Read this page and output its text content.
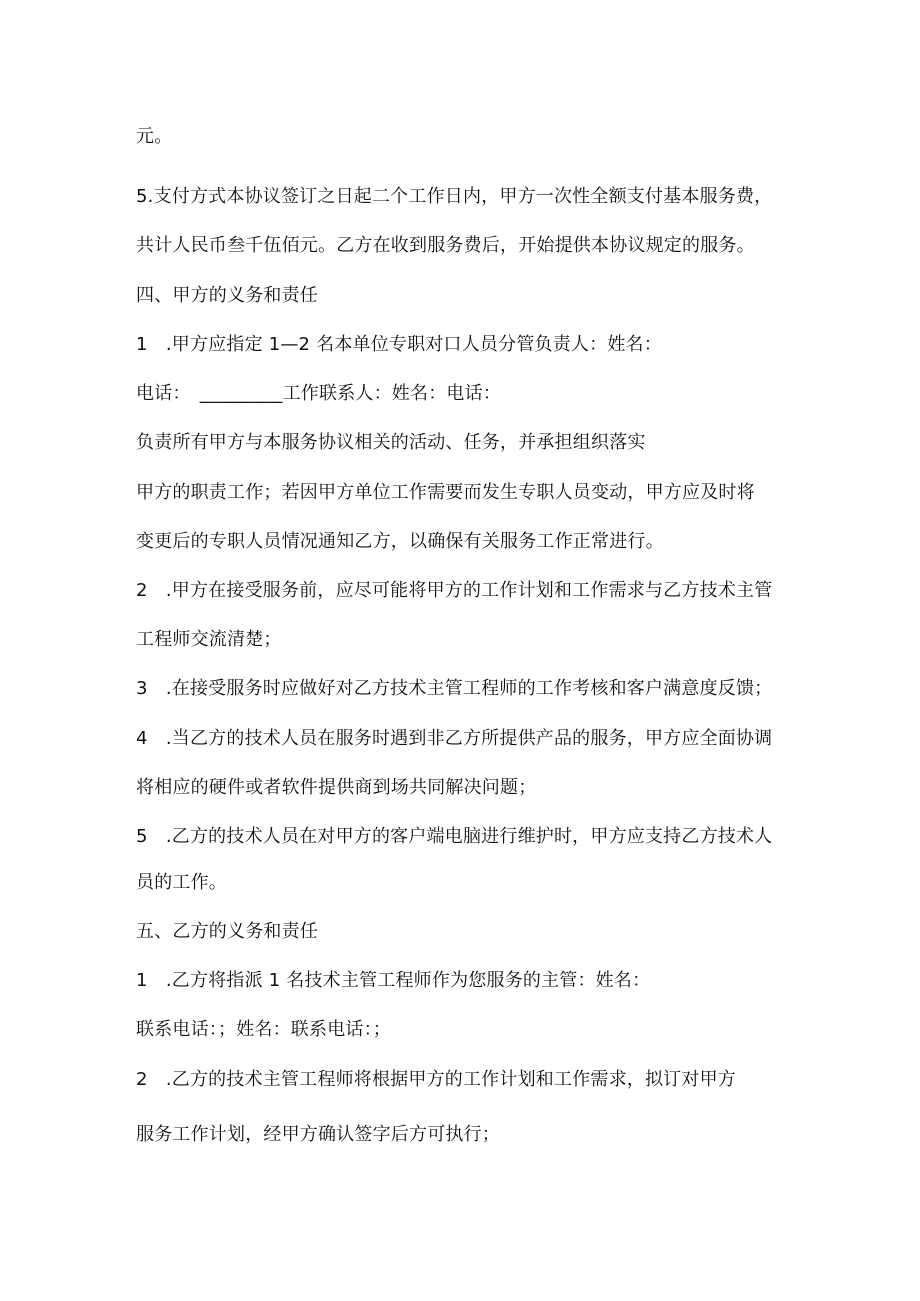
元。
5.支付方式本协议签订之日起二个工作日内，甲方一次性全额支付基本服务费，
共计人民币叁千伍佰元。乙方在收到服务费后，开始提供本协议规定的服务。
四、甲方的义务和责任
1　.甲方应指定 1—2 名本单位专职对口人员分管负责人：姓名：
电话：　_________工作联系人：姓名：电话：
负责所有甲方与本服务协议相关的活动、任务，并承担组织落实
甲方的职责工作；若因甲方单位工作需要而发生专职人员变动，甲方应及时将
变更后的专职人员情况通知乙方，以确保有关服务工作正常进行。
2　.甲方在接受服务前，应尽可能将甲方的工作计划和工作需求与乙方技术主管
工程师交流清楚；
3　.在接受服务时应做好对乙方技术主管工程师的工作考核和客户满意度反馈；
4　.当乙方的技术人员在服务时遇到非乙方所提供产品的服务，甲方应全面协调
将相应的硬件或者软件提供商到场共同解决问题；
5　.乙方的技术人员在对甲方的客户端电脑进行维护时，甲方应支持乙方技术人
员的工作。
五、乙方的义务和责任
1　.乙方将指派 1 名技术主管工程师作为您服务的主管：姓名：
联系电话：；姓名：联系电话：；
2　.乙方的技术主管工程师将根据甲方的工作计划和工作需求，拟订对甲方
服务工作计划，经甲方确认签字后方可执行；
